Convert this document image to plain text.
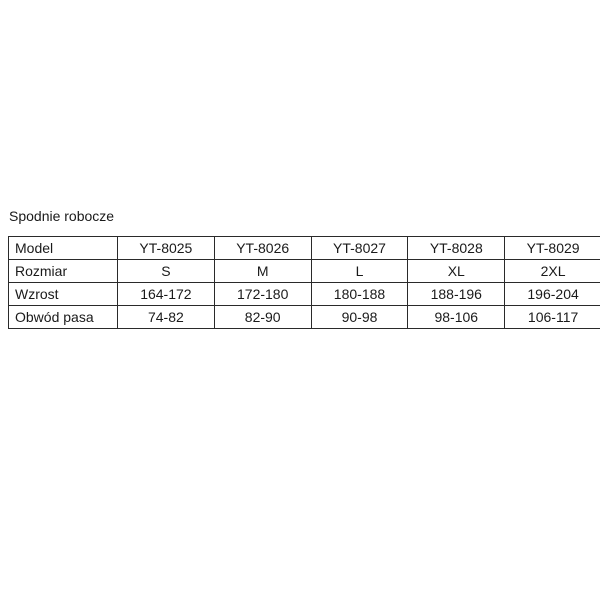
Spodnie robocze
Model	YT-8025	YT-8026	YT-8027	YT-8028	YT-8029
Rozmiar	S	M	L	XL	2XL
Wzrost	164-172	172-180	180-188	188-196	196-204
Obwód pasa	74-82	82-90	90-98	98-106	106-117
